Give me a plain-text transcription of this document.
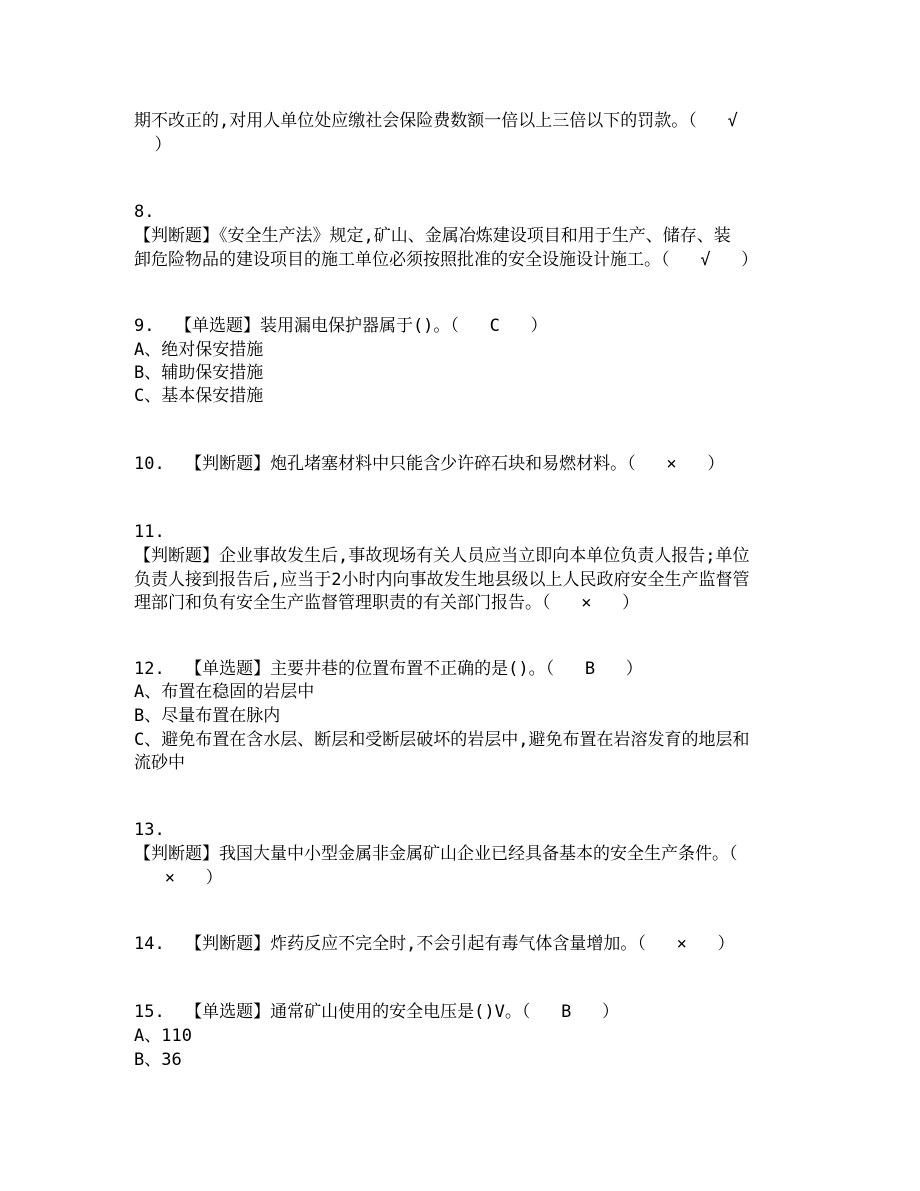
期不改正的,对用人单位处应缴社会保险费数额一倍以上三倍以下的罚款。（   √

）

8.

【判断题】《安全生产法》规定,矿山、金属冶炼建设项目和用于生产、储存、装

卸危险物品的建设项目的施工单位必须按照批准的安全设施设计施工。（   √   ）

9.  【单选题】装用漏电保护器属于()。（   C   ）

A、绝对保安措施

B、辅助保安措施

C、基本保安措施

10.  【判断题】炮孔堵塞材料中只能含少许碎石块和易燃材料。（   ×   ）

11.

【判断题】企业事故发生后,事故现场有关人员应当立即向本单位负责人报告;单位

负责人接到报告后,应当于2小时内向事故发生地县级以上人民政府安全生产监督管

理部门和负有安全生产监督管理职责的有关部门报告。（   ×   ）

12.  【单选题】主要井巷的位置布置不正确的是()。（   B   ）

A、布置在稳固的岩层中

B、尽量布置在脉内

C、避免布置在含水层、断层和受断层破坏的岩层中,避免布置在岩溶发育的地层和

流砂中

13.

【判断题】我国大量中小型金属非金属矿山企业已经具备基本的安全生产条件。（

×   ）

14.  【判断题】炸药反应不完全时,不会引起有毒气体含量增加。（   ×   ）

15.  【单选题】通常矿山使用的安全电压是()V。（   B   ）

A、110

B、36
